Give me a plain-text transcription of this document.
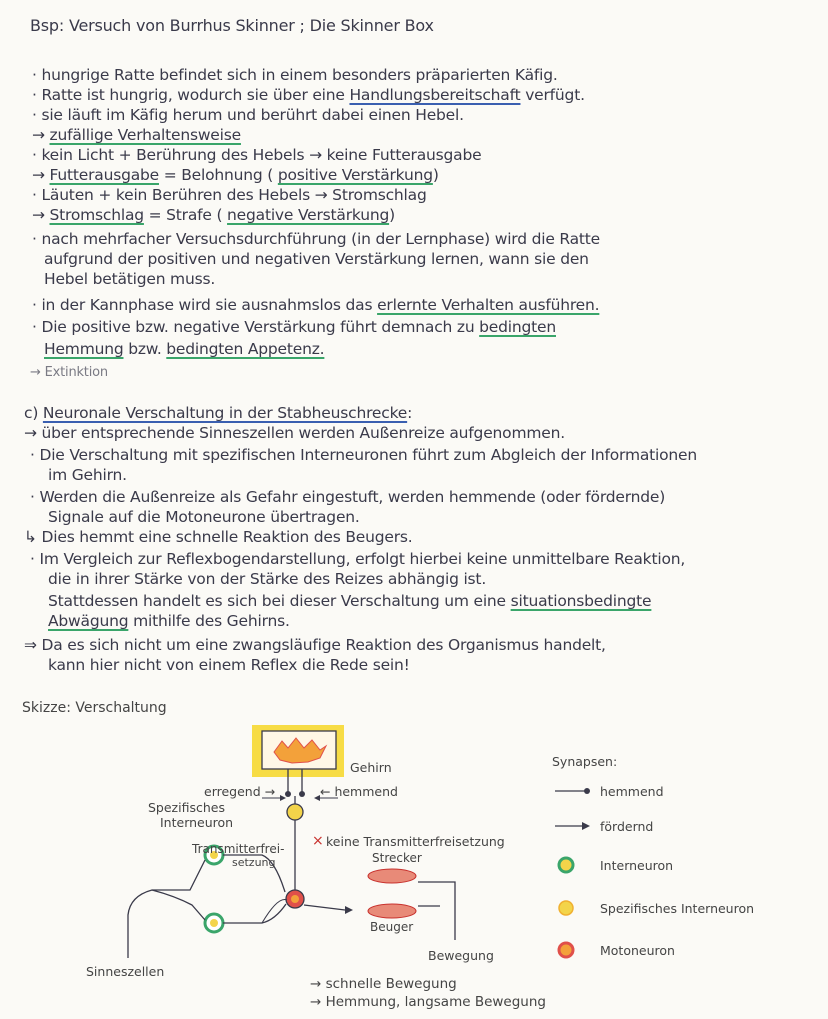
Bsp: Versuch von Burrhus Skinner ; Die Skinner Box
· hungrige Ratte befindet sich in einem besonders präparierten Käfig.
· Ratte ist hungrig, wodurch sie über eine Handlungsbereitschaft verfügt.
· sie läuft im Käfig herum und berührt dabei einen Hebel.
→ zufällige Verhaltensweise
· kein Licht + Berührung des Hebels → keine Futterausgabe
→ Futterausgabe = Belohnung ( positive Verstärkung)
· Läuten + kein Berühren des Hebels → Stromschlag
→ Stromschlag = Strafe ( negative Verstärkung)
· nach mehrfacher Versuchsdurchführung (in der Lernphase) wird die Ratte
aufgrund der positiven und negativen Verstärkung lernen, wann sie den
Hebel betätigen muss.
· in der Kannphase wird sie ausnahmslos das erlernte Verhalten ausführen.
· Die positive bzw. negative Verstärkung führt demnach zu bedingten
Hemmung bzw. bedingten Appetenz.
→ Extinktion
c) Neuronale Verschaltung in der Stabheuschrecke:
→ über entsprechende Sinneszellen werden Außenreize aufgenommen.
· Die Verschaltung mit spezifischen Interneuronen führt zum Abgleich der Informationen
im Gehirn.
· Werden die Außenreize als Gefahr eingestuft, werden hemmende (oder fördernde)
Signale auf die Motoneurone übertragen.
↳ Dies hemmt eine schnelle Reaktion des Beugers.
· Im Vergleich zur Reflexbogendarstellung, erfolgt hierbei keine unmittelbare Reaktion,
die in ihrer Stärke von der Stärke des Reizes abhängig ist.
Stattdessen handelt es sich bei dieser Verschaltung um eine situationsbedingte
Abwägung mithilfe des Gehirns.
⇒ Da es sich nicht um eine zwangsläufige Reaktion des Organismus handelt,
kann hier nicht von einem Reflex die Rede sein!
×
Skizze: Verschaltung
Gehirn
erregend →	← hemmend
Spezifisches
Interneuron
Transmitterfrei-
setzung
keine Transmitterfreisetzung
Strecker
Beuger
Bewegung
Sinneszellen
→ schnelle Bewegung
→ Hemmung, langsame Bewegung
Synapsen:
hemmend
fördernd
Interneuron
Spezifisches Interneuron
Motoneuron
